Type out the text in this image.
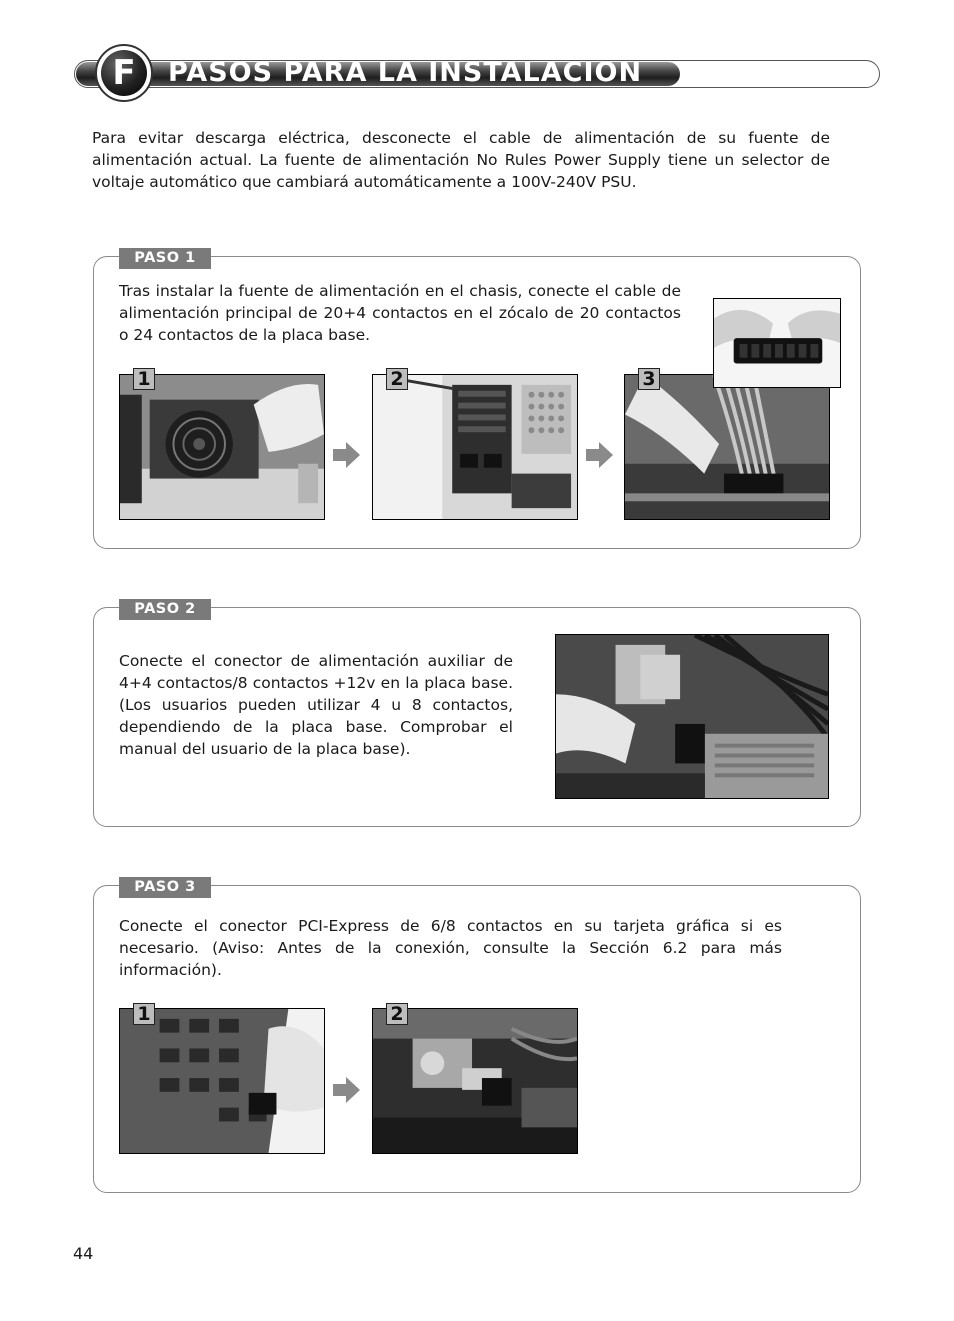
PASOS PARA LA INSTALACIÓN
F

Para evitar descarga eléctrica, desconecte el cable de alimentación de su fuente de alimentación actual. La fuente de alimentación No Rules Power Supply tiene un selector de voltaje automático que cambiará automáticamente a 100V-240V PSU.

PASO 1

Tras instalar la fuente de alimentación en el chasis, conecte el cable de alimentación principal de 20+4 contactos en el zócalo de 20 contactos o 24 contactos de la placa base.

1	2	3
PASO 2

Conecte el conector de alimentación auxiliar de 4+4 contactos/8 contactos +12v en la placa base. (Los usuarios pueden utilizar 4 u 8 contactos, dependiendo de la placa base. Comprobar el manual del usuario de la placa base).

PASO 3

Conecte el conector PCI-Express de 6/8 contactos en su tarjeta gráfica si es necesario. (Aviso: Antes de la conexión, consulte la Sección 6.2 para más información).

1	2
44
